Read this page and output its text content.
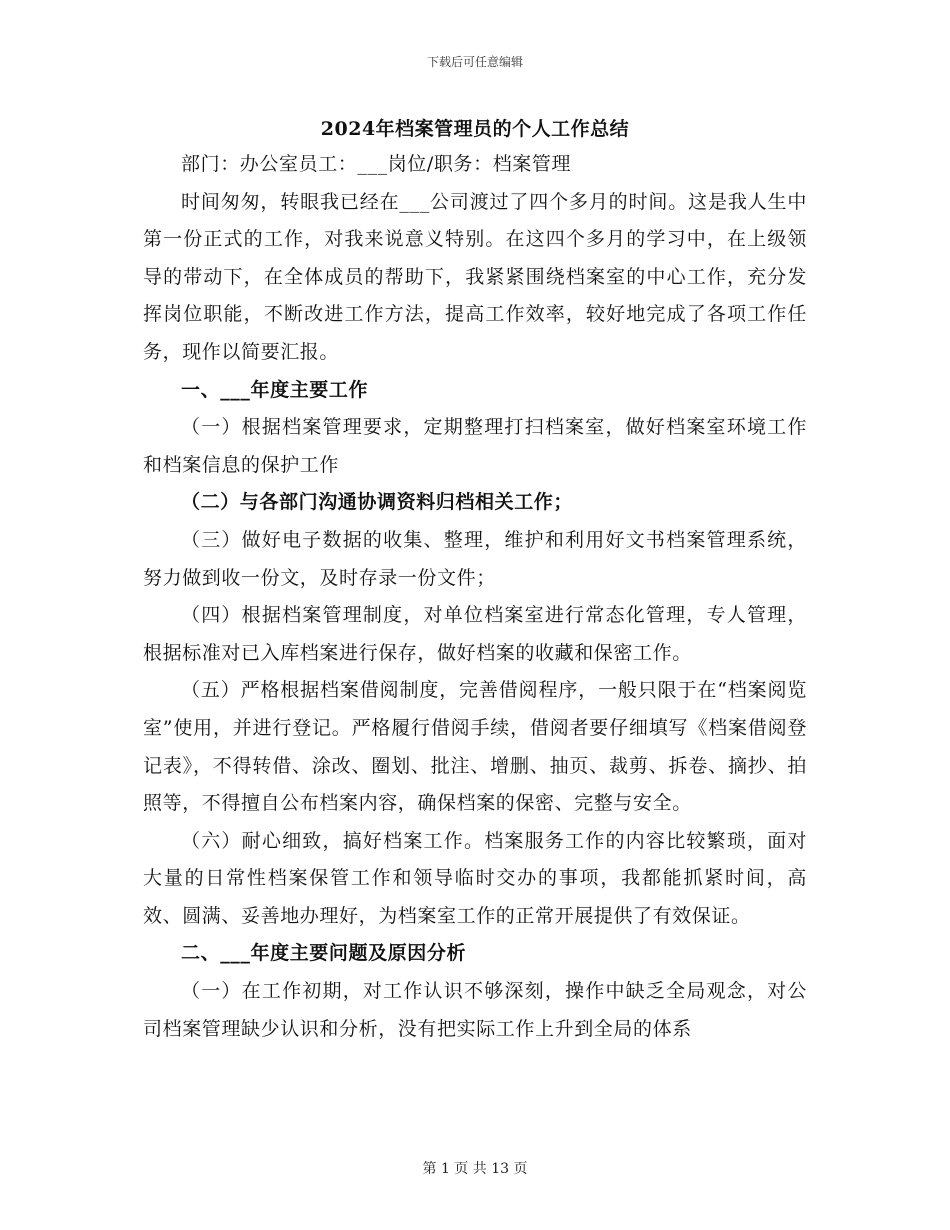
下载后可任意编辑
2024年档案管理员的个人工作总结

部门：办公室员工：___岗位/职务：档案管理

时间匆匆，转眼我已经在___公司渡过了四个多月的时间。这是我人生中第一份正式的工作，对我来说意义特别。在这四个多月的学习中，在上级领导的带动下，在全体成员的帮助下，我紧紧围绕档案室的中心工作，充分发挥岗位职能，不断改进工作方法，提高工作效率，较好地完成了各项工作任务，现作以简要汇报。

一、___年度主要工作

（一）根据档案管理要求，定期整理打扫档案室，做好档案室环境工作和档案信息的保护工作

（二）与各部门沟通协调资料归档相关工作；

（三）做好电子数据的收集、整理，维护和利用好文书档案管理系统，努力做到收一份文，及时存录一份文件；

（四）根据档案管理制度，对单位档案室进行常态化管理，专人管理，根据标准对已入库档案进行保存，做好档案的收藏和保密工作。

（五）严格根据档案借阅制度，完善借阅程序，一般只限于在“档案阅览室”使用，并进行登记。严格履行借阅手续，借阅者要仔细填写《档案借阅登记表》，不得转借、涂改、圈划、批注、增删、抽页、裁剪、拆卷、摘抄、拍照等，不得擅自公布档案内容，确保档案的保密、完整与安全。

（六）耐心细致，搞好档案工作。档案服务工作的内容比较繁琐，面对大量的日常性档案保管工作和领导临时交办的事项，我都能抓紧时间，高效、圆满、妥善地办理好，为档案室工作的正常开展提供了有效保证。

二、___年度主要问题及原因分析

（一）在工作初期，对工作认识不够深刻，操作中缺乏全局观念，对公司档案管理缺少认识和分析，没有把实际工作上升到全局的体系

第 1 页 共 13 页
